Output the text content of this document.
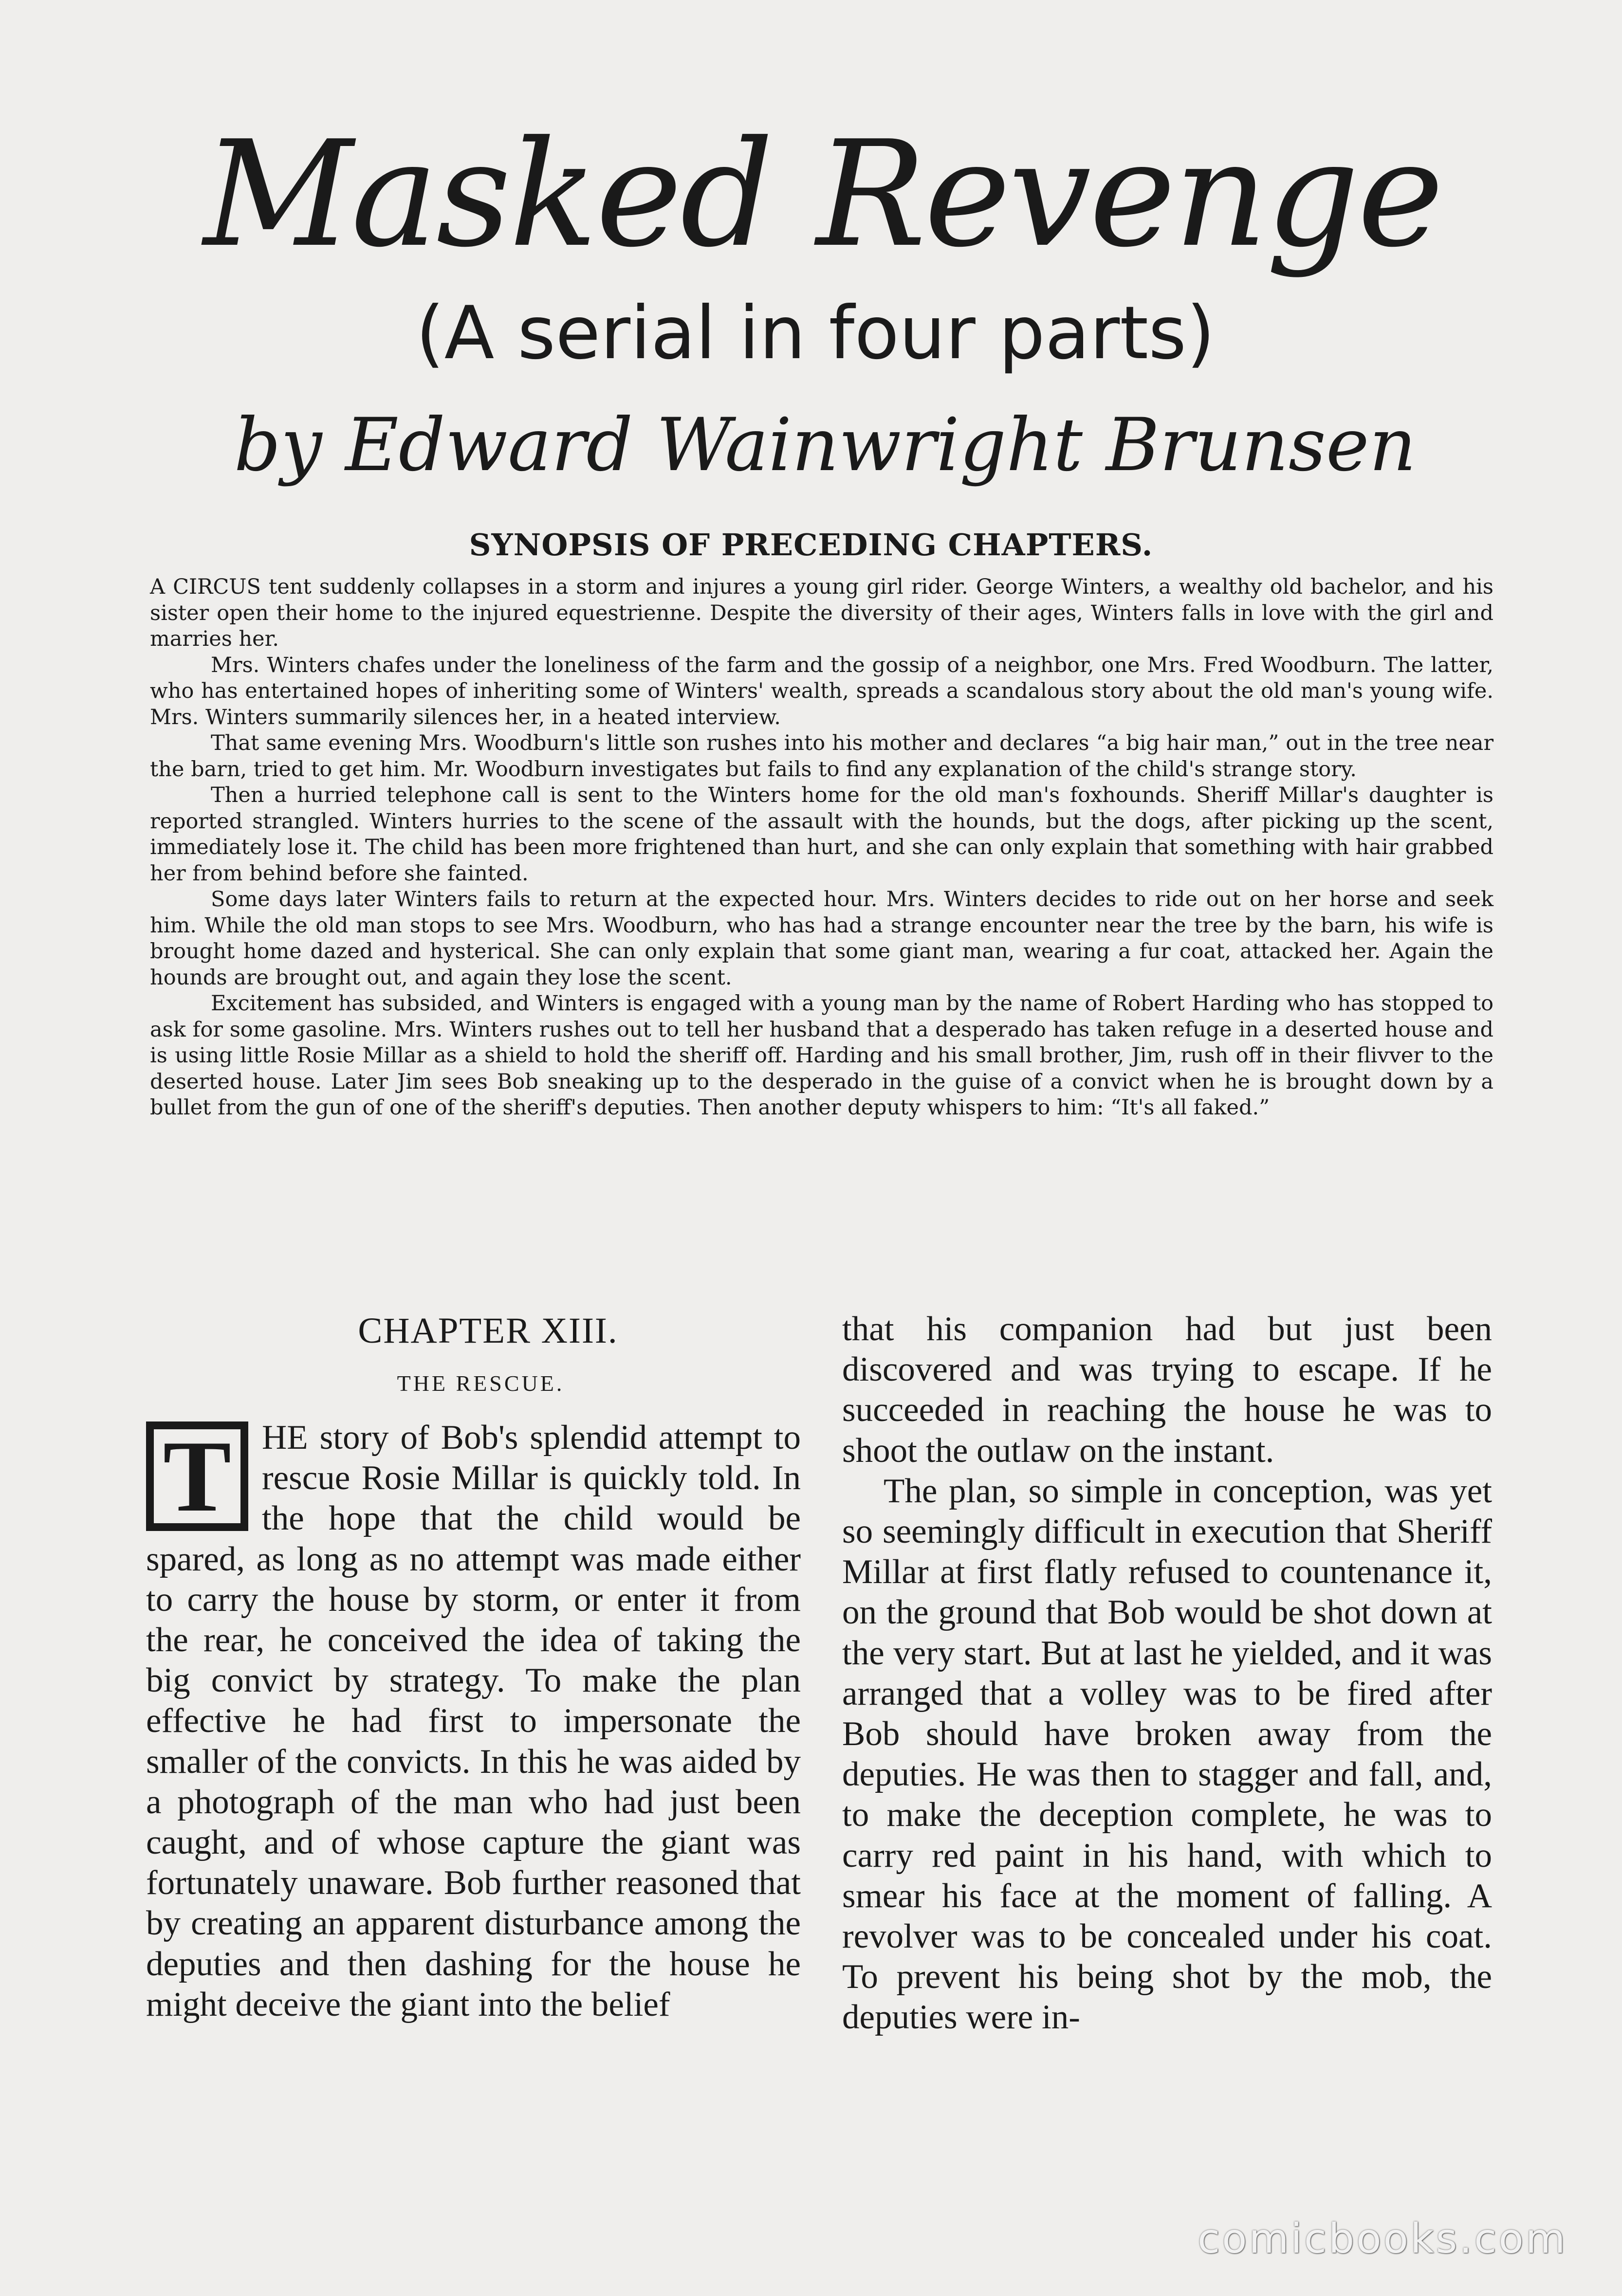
Masked Revenge
(A serial in four parts)
by Edward Wainwright Brunsen
SYNOPSIS OF PRECEDING CHAPTERS.

A CIRCUS tent suddenly collapses in a storm and injures a young girl rider. George Winters, a wealthy old bachelor, and his sister open their home to the injured equestrienne. Despite the diversity of their ages, Winters falls in love with the girl and marries her.

Mrs. Winters chafes under the loneliness of the farm and the gossip of a neighbor, one Mrs. Fred Woodburn. The latter, who has entertained hopes of inheriting some of Winters' wealth, spreads a scandalous story about the old man's young wife. Mrs. Winters summarily silences her, in a heated interview.

That same evening Mrs. Woodburn's little son rushes into his mother and declares “a big hair man,” out in the tree near the barn, tried to get him. Mr. Woodburn investigates but fails to find any explanation of the child's strange story.

Then a hurried telephone call is sent to the Winters home for the old man's foxhounds. Sheriff Millar's daughter is reported strangled. Winters hurries to the scene of the assault with the hounds, but the dogs, after picking up the scent, immediately lose it. The child has been more frightened than hurt, and she can only explain that something with hair grabbed her from behind before she fainted.

Some days later Winters fails to return at the expected hour. Mrs. Winters decides to ride out on her horse and seek him. While the old man stops to see Mrs. Woodburn, who has had a strange encounter near the tree by the barn, his wife is brought home dazed and hysterical. She can only explain that some giant man, wearing a fur coat, attacked her. Again the hounds are brought out, and again they lose the scent.

Excitement has subsided, and Winters is engaged with a young man by the name of Robert Harding who has stopped to ask for some gasoline. Mrs. Winters rushes out to tell her husband that a desperado has taken refuge in a deserted house and is using little Rosie Millar as a shield to hold the sheriff off. Harding and his small brother, Jim, rush off in their flivver to the deserted house. Later Jim sees Bob sneaking up to the desperado in the guise of a convict when he is brought down by a bullet from the gun of one of the sheriff's deputies. Then another deputy whispers to him: “It's all faked.”

CHAPTER XIII.
THE RESCUE.
T HE story of Bob's splendid attempt to rescue Rosie Millar is quickly told. In the hope that the child would be spared, as long as no attempt was made either to carry the house by storm, or enter it from the rear, he conceived the idea of taking the big convict by strategy. To make the plan effective he had first to impersonate the smaller of the convicts. In this he was aided by a photograph of the man who had just been caught, and of whose capture the giant was fortunately unaware. Bob further reasoned that by creating an apparent disturbance among the deputies and then dashing for the house he might deceive the giant into the belief

that his companion had but just been discovered and was trying to escape. If he succeeded in reaching the house he was to shoot the outlaw on the instant.

The plan, so simple in conception, was yet so seemingly difficult in execution that Sheriff Millar at first flatly refused to countenance it, on the ground that Bob would be shot down at the very start. But at last he yielded, and it was arranged that a volley was to be fired after Bob should have broken away from the deputies. He was then to stagger and fall, and, to make the deception complete, he was to carry red paint in his hand, with which to smear his face at the moment of falling. A revolver was to be concealed under his coat. To prevent his being shot by the mob, the deputies were in-

comicbooks.com
